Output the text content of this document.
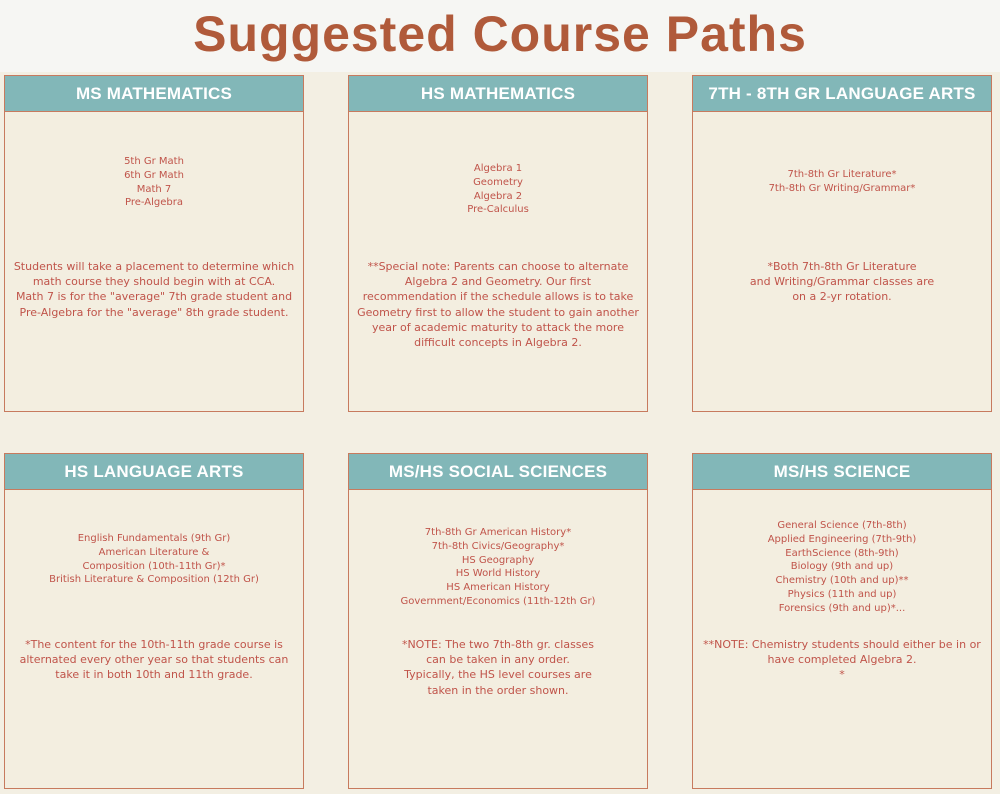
Suggested Course Paths
MS MATHEMATICS
5th Gr Math
6th Gr Math
Math 7
Pre-Algebra
Students will take a placement to determine which
math course they should begin with at CCA.
Math 7 is for the "average" 7th grade student and
Pre-Algebra for the "average" 8th grade student.
HS MATHEMATICS
Algebra 1
Geometry
Algebra 2
Pre-Calculus
**Special note: Parents can choose to alternate
Algebra 2 and Geometry. Our first
recommendation if the schedule allows is to take
Geometry first to allow the student to gain another
year of academic maturity to attack the more
difficult concepts in Algebra 2.
7TH - 8TH GR LANGUAGE ARTS
7th-8th Gr Literature*
7th-8th Gr Writing/Grammar*
*Both 7th-8th Gr Literature
and Writing/Grammar classes are
on a 2-yr rotation.
HS LANGUAGE ARTS
English Fundamentals (9th Gr)
American Literature &
Composition (10th-11th Gr)*
British Literature & Composition (12th Gr)
*The content for the 10th-11th grade course is
alternated every other year so that students can
take it in both 10th and 11th grade.
MS/HS SOCIAL SCIENCES
7th-8th Gr American History*
7th-8th Civics/Geography*
HS Geography
HS World History
HS American History
Government/Economics (11th-12th Gr)
*NOTE: The two 7th-8th gr. classes
can be taken in any order.
Typically, the HS level courses are
taken in the order shown.
MS/HS SCIENCE
General Science (7th-8th)
Applied Engineering (7th-9th)
EarthScience (8th-9th)
Biology (9th and up)
Chemistry (10th and up)**
Physics (11th and up)
Forensics (9th and up)*...
**NOTE: Chemistry students should either be in or
have completed Algebra 2.
*
